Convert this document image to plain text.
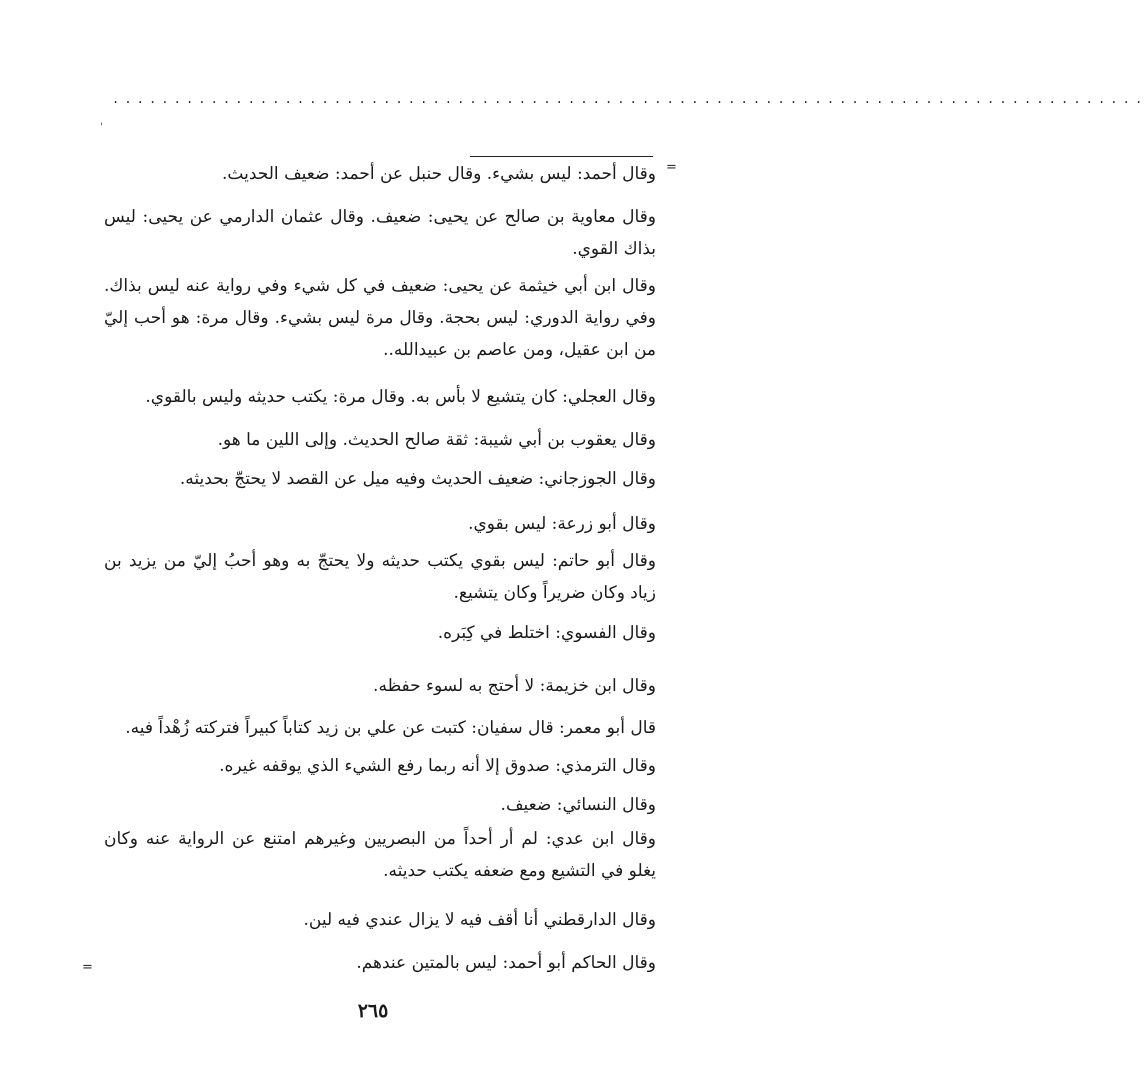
....................................................................................
'
=
=

وقال أحمد: ليس بشيء. وقال حنبل عن أحمد: ضعيف الحديث.

وقال معاوية بن صالح عن يحيى: ضعيف. وقال عثمان الدارمي عن يحيى: ليس بذاك القوي.

وقال ابن أبي خيثمة عن يحيى: ضعيف في كل شيء وفي رواية عنه ليس بذاك. وفي رواية الدوري: ليس بحجة. وقال مرة ليس بشيء. وقال مرة: هو أحب إليّ من ابن عقيل، ومن عاصم بن عبيدالله..

وقال العجلي: كان يتشيع لا بأس به. وقال مرة: يكتب حديثه وليس بالقوي.

وقال يعقوب بن أبي شيبة: ثقة صالح الحديث. وإلى اللين ما هو.

وقال الجوزجاني: ضعيف الحديث وفيه ميل عن القصد لا يحتجّ بحديثه.

وقال أبو زرعة: ليس بقوي.

وقال أبو حاتم: ليس بقوي يكتب حديثه ولا يحتجّ به وهو أحبُ إليّ من يزيد بن زياد وكان ضريراً وكان يتشيع.

وقال الفسوي: اختلط في كِبَره.

وقال ابن خزيمة: لا أحتج به لسوء حفظه.

قال أبو معمر: قال سفيان: كتبت عن علي بن زيد كتاباً كبيراً فتركته زُهْداً فيه.

وقال الترمذي: صدوق إلا أنه ربما رفع الشيء الذي يوقفه غيره.

وقال النسائي: ضعيف.

وقال ابن عدي: لم أر أحداً من البصريين وغيرهم امتنع عن الرواية عنه وكان يغلو في التشيع ومع ضعفه يكتب حديثه.

وقال الدارقطني أنا أقف فيه لا يزال عندي فيه لين.

وقال الحاكم أبو أحمد: ليس بالمتين عندهم.

٢٦٥
